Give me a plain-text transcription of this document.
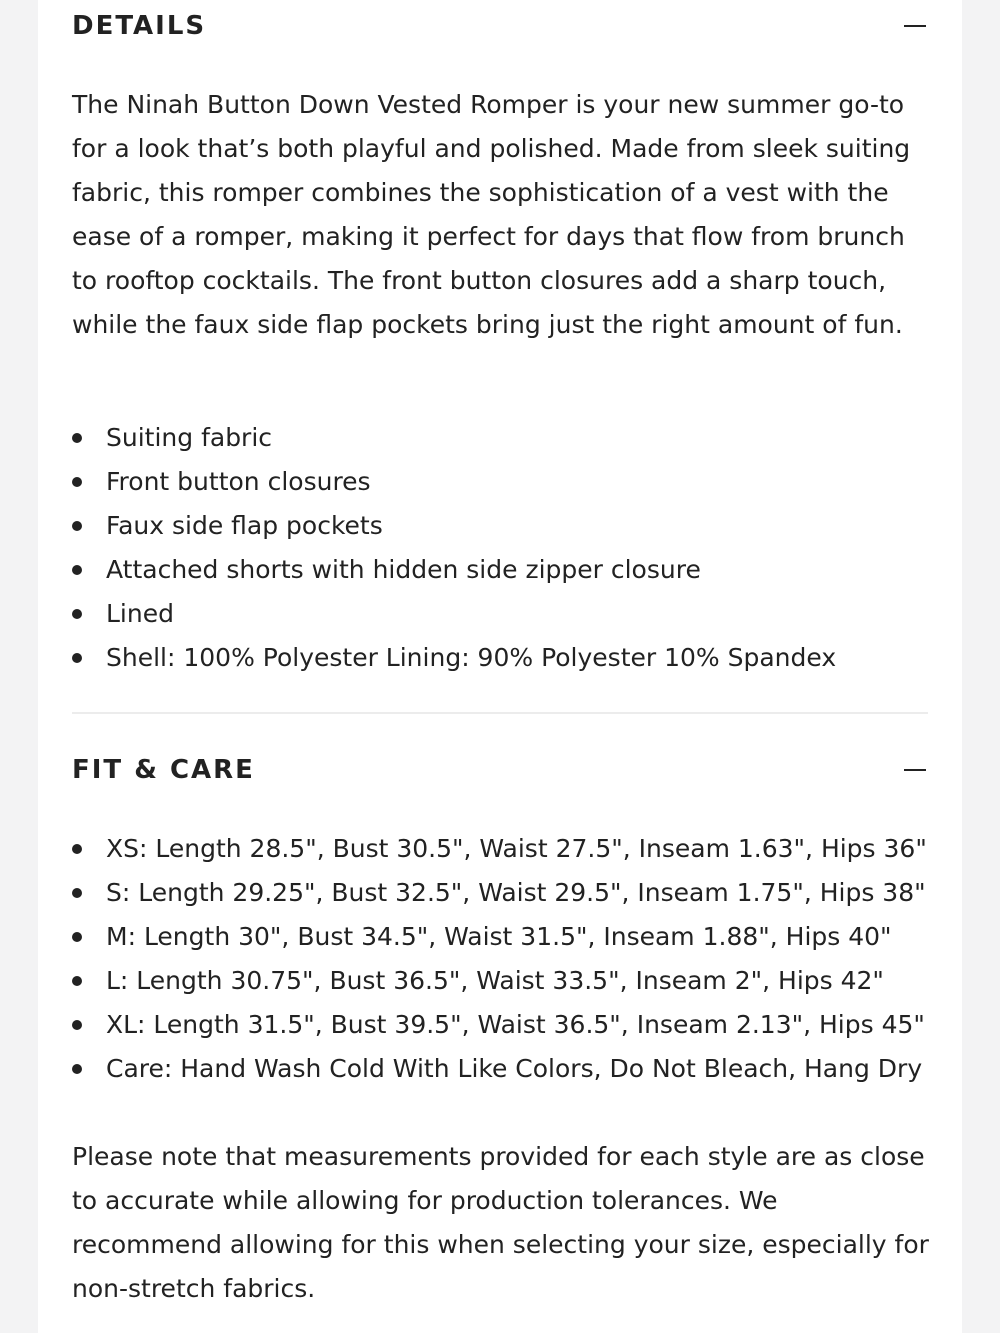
DETAILS

The Ninah Button Down Vested Romper is your new summer go-to for a look that’s both playful and polished. Made from sleek suiting fabric, this romper combines the sophistication of a vest with the ease of a romper, making it perfect for days that flow from brunch to rooftop cocktails. The front button closures add a sharp touch, while the faux side flap pockets bring just the right amount of fun.

Suiting fabric
Front button closures
Faux side flap pockets
Attached shorts with hidden side zipper closure
Lined
Shell: 100% Polyester Lining: 90% Polyester 10% Spandex
FIT & CARE
XS: Length 28.5", Bust 30.5", Waist 27.5", Inseam 1.63", Hips 36"
S: Length 29.25", Bust 32.5", Waist 29.5", Inseam 1.75", Hips 38"
M: Length 30", Bust 34.5", Waist 31.5", Inseam 1.88", Hips 40"
L: Length 30.75", Bust 36.5", Waist 33.5", Inseam 2", Hips 42"
XL: Length 31.5", Bust 39.5", Waist 36.5", Inseam 2.13", Hips 45"
Care: Hand Wash Cold With Like Colors, Do Not Bleach, Hang Dry

Please note that measurements provided for each style are as close to accurate while allowing for production tolerances. We recommend allowing for this when selecting your size, especially for non-stretch fabrics.
